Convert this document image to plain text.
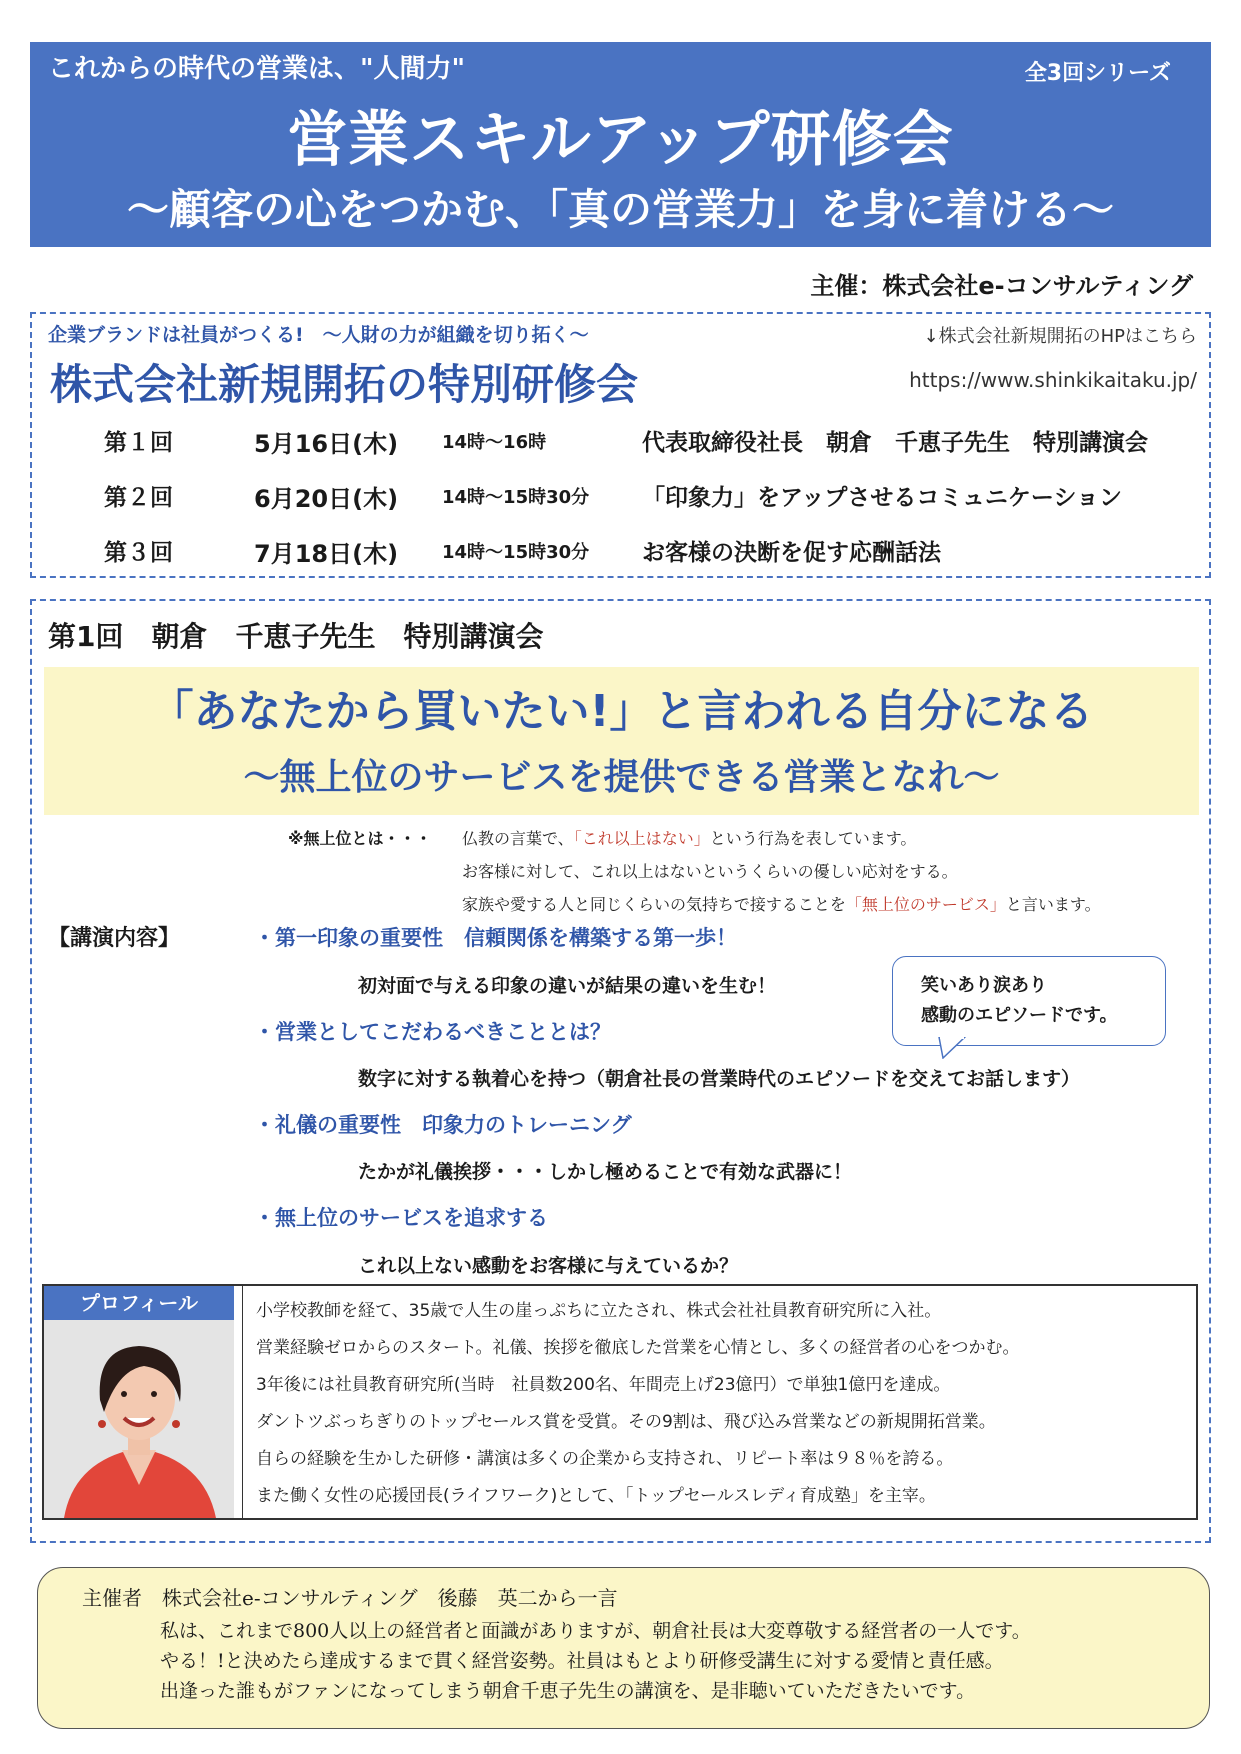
これからの時代の営業は、"人間力"	全3回シリーズ
営業スキルアップ研修会
～顧客の心をつかむ、「真の営業力」を身に着ける～
主催：株式会社e-コンサルティング
企業ブランドは社員がつくる!　～人財の力が組織を切り拓く～
株式会社新規開拓の特別研修会
↓株式会社新規開拓のHPはこちら
https://www.shinkikaitaku.jp/
第１回	5月16日(木) 14時～16時	代表取締役社長　朝倉　千恵子先生　特別講演会
第２回	6月20日(木) 14時～15時30分 「印象力」をアップさせるコミュニケーション
第３回	7月18日(木) 14時～15時30分 お客様の決断を促す応酬話法
第1回　朝倉　千恵子先生　特別講演会
「あなたから買いたい!」と言われる自分になる
～無上位のサービスを提供できる営業となれ～
※無上位とは・・・ 仏教の言葉で、「これ以上はない」という行為を表しています。
お客様に対して、これ以上はないというくらいの優しい応対をする。
家族や愛する人と同じくらいの気持ちで接することを「無上位のサービス」と言います。
【講演内容】	・第一印象の重要性　信頼関係を構築する第一歩！
初対面で与える印象の違いが結果の違いを生む！
・営業としてこだわるべきこととは？
数字に対する執着心を持つ（朝倉社長の営業時代のエピソードを交えてお話します）
・礼儀の重要性　印象力のトレーニング
たかが礼儀挨拶・・・しかし極めることで有効な武器に！
・無上位のサービスを追求する
これ以上ない感動をお客様に与えているか？
笑いあり涙あり
感動のエピソードです。
プロフィール	小学校教師を経て、35歳で人生の崖っぷちに立たされ、株式会社社員教育研究所に入社。
営業経験ゼロからのスタート。礼儀、挨拶を徹底した営業を心情とし、多くの経営者の心をつかむ。
3年後には社員教育研究所(当時　社員数200名、年間売上げ23億円）で単独1億円を達成。
ダントツぶっちぎりのトップセールス賞を受賞。その9割は、飛び込み営業などの新規開拓営業。
自らの経験を生かした研修・講演は多くの企業から支持され、リピート率は９８％を誇る。
また働く女性の応援団長(ライフワーク)として、「トップセールスレディ育成塾」を主宰。
主催者　株式会社e-コンサルティング　後藤　英二から一言
私は、これまで800人以上の経営者と面識がありますが、朝倉社長は大変尊敬する経営者の一人です。
やる！!と決めたら達成するまで貫く経営姿勢。社員はもとより研修受講生に対する愛情と責任感。
出逢った誰もがファンになってしまう朝倉千恵子先生の講演を、是非聴いていただきたいです。
